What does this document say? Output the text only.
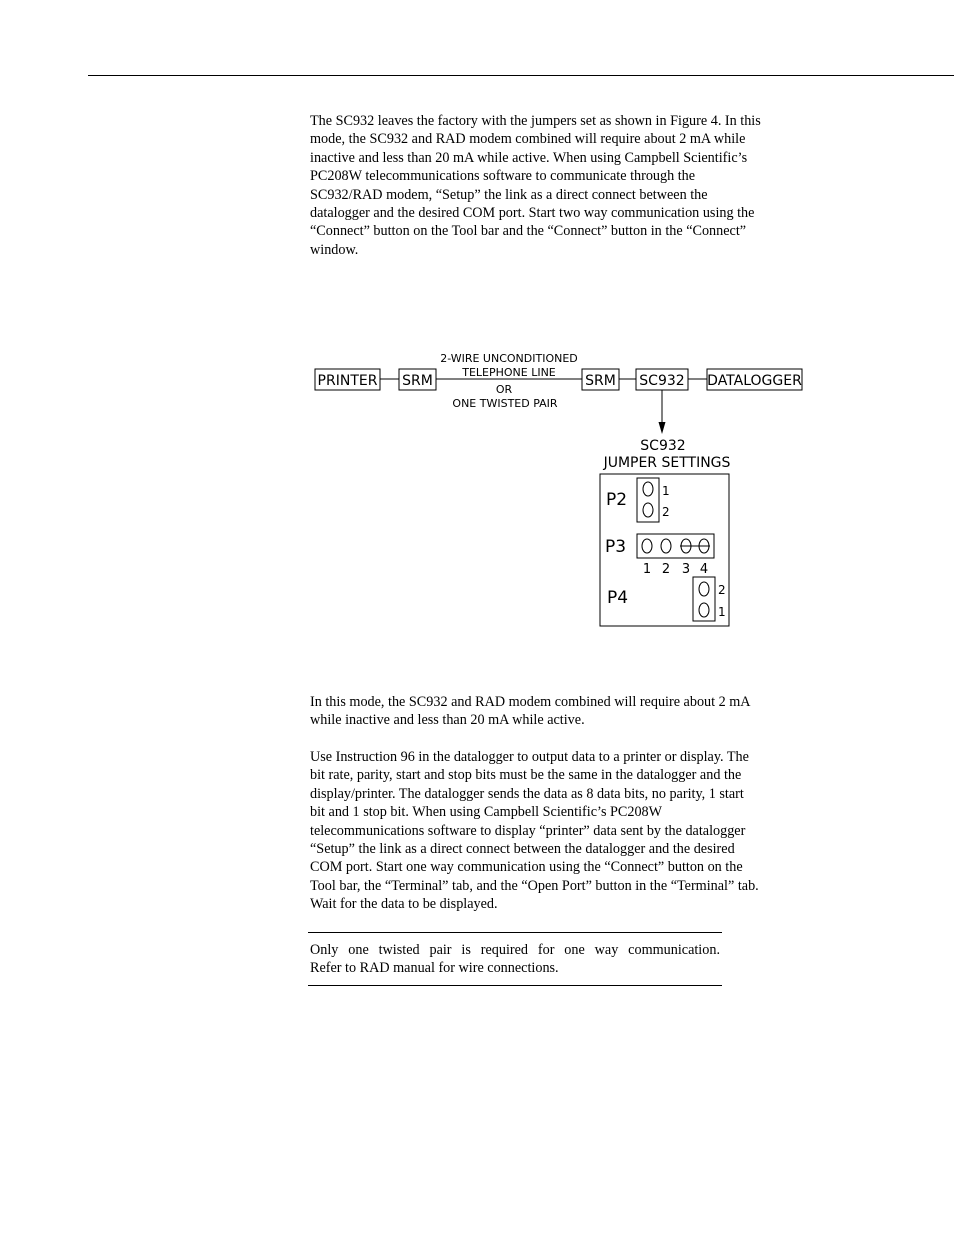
The SC932 leaves the factory with the jumpers set as shown in Figure 4. In this
mode, the SC932 and RAD modem combined will require about 2 mA while
inactive and less than 20 mA while active. When using Campbell Scientific’s
PC208W telecommunications software to communicate through the
SC932/RAD modem, “Setup” the link as a direct connect between the
datalogger and the desired COM port. Start two way communication using the
“Connect” button on the Tool bar and the “Connect” button in the “Connect”
window.

PRINTER SRM
2-WIRE UNCONDITIONED
TELEPHONE LINE
OR
ONE TWISTED PAIR
SRM SC932 DATALOGGER
SC932
JUMPER SETTINGS
P2	1
2
P3
1 2 3 4
P4	2
1

In this mode, the SC932 and RAD modem combined will require about 2 mA
while inactive and less than 20 mA while active.

Use Instruction 96 in the datalogger to output data to a printer or display. The
bit rate, parity, start and stop bits must be the same in the datalogger and the
display/printer. The datalogger sends the data as 8 data bits, no parity, 1 start
bit and 1 stop bit. When using Campbell Scientific’s PC208W
telecommunications software to display “printer” data sent by the datalogger
“Setup” the link as a direct connect between the datalogger and the desired
COM port. Start one way communication using the “Connect” button on the
Tool bar, the “Terminal” tab, and the “Open Port” button in the “Terminal” tab.
Wait for the data to be displayed.

Only one twisted pair is required for one way communication.
Refer to RAD manual for wire connections.
